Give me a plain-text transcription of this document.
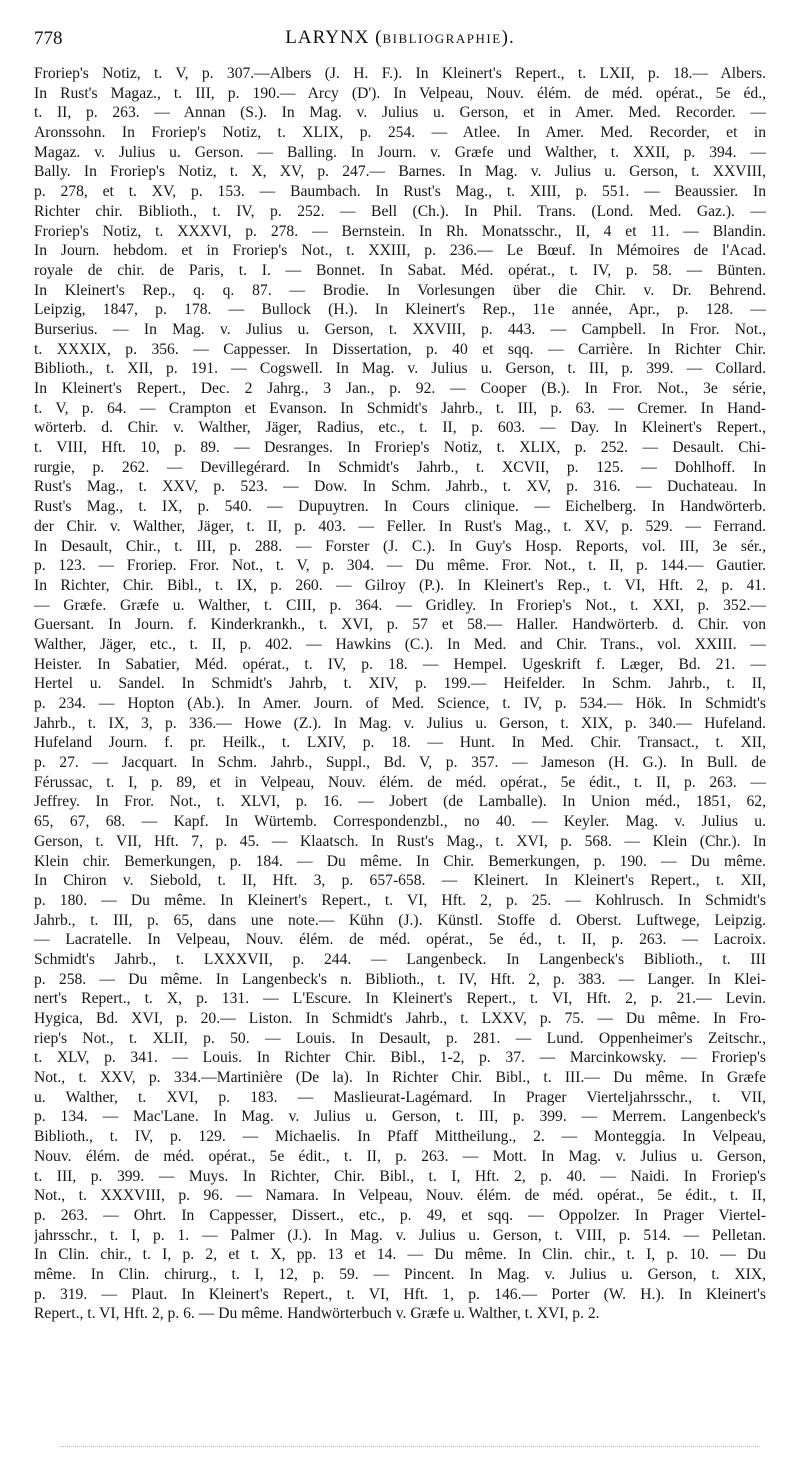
778	LARYNX (BIBLIOGRAPHIE).
Froriep's Notiz, t. V, p. 307.—Albers (J. H. F.). In Kleinert's Repert., t. LXII, p. 18.— Albers.
In Rust's Magaz., t. III, p. 190.— Arcy (D'). In Velpeau, Nouv. élém. de méd. opérat., 5e éd.,
t. II, p. 263. — Annan (S.). In Mag. v. Julius u. Gerson, et in Amer. Med. Recorder. —
Aronssohn. In Froriep's Notiz, t. XLIX, p. 254. — Atlee. In Amer. Med. Recorder, et in
Magaz. v. Julius u. Gerson. — Balling. In Journ. v. Græfe und Walther, t. XXII, p. 394. —
Bally. In Froriep's Notiz, t. X, XV, p. 247.— Barnes. In Mag. v. Julius u. Gerson, t. XXVIII,
p. 278, et t. XV, p. 153. — Baumbach. In Rust's Mag., t. XIII, p. 551. — Beaussier. In
Richter chir. Biblioth., t. IV, p. 252. — Bell (Ch.). In Phil. Trans. (Lond. Med. Gaz.). —
Froriep's Notiz, t. XXXVI, p. 278. — Bernstein. In Rh. Monatsschr., II, 4 et 11. — Blandin.
In Journ. hebdom. et in Froriep's Not., t. XXIII, p. 236.— Le Bœuf. In Mémoires de l'Acad.
royale de chir. de Paris, t. I. — Bonnet. In Sabat. Méd. opérat., t. IV, p. 58. — Bünten.
In Kleinert's Rep., q. q. 87. — Brodie. In Vorlesungen über die Chir. v. Dr. Behrend.
Leipzig, 1847, p. 178. — Bullock (H.). In Kleinert's Rep., 11e année, Apr., p. 128. —
Burserius. — In Mag. v. Julius u. Gerson, t. XXVIII, p. 443. — Campbell. In Fror. Not.,
t. XXXIX, p. 356. — Cappesser. In Dissertation, p. 40 et sqq. — Carrière. In Richter Chir.
Biblioth., t. XII, p. 191. — Cogswell. In Mag. v. Julius u. Gerson, t. III, p. 399. — Collard.
In Kleinert's Repert., Dec. 2 Jahrg., 3 Jan., p. 92. — Cooper (B.). In Fror. Not., 3e série,
t. V, p. 64. — Crampton et Evanson. In Schmidt's Jahrb., t. III, p. 63. — Cremer. In Hand-
wörterb. d. Chir. v. Walther, Jäger, Radius, etc., t. II, p. 603. — Day. In Kleinert's Repert.,
t. VIII, Hft. 10, p. 89. — Desranges. In Froriep's Notiz, t. XLIX, p. 252. — Desault. Chi-
rurgie, p. 262. — Devillegérard. In Schmidt's Jahrb., t. XCVII, p. 125. — Dohlhoff. In
Rust's Mag., t. XXV, p. 523. — Dow. In Schm. Jahrb., t. XV, p. 316. — Duchateau. In
Rust's Mag., t. IX, p. 540. — Dupuytren. In Cours clinique. — Eichelberg. In Handwörterb.
der Chir. v. Walther, Jäger, t. II, p. 403. — Feller. In Rust's Mag., t. XV, p. 529. — Ferrand.
In Desault, Chir., t. III, p. 288. — Forster (J. C.). In Guy's Hosp. Reports, vol. III, 3e sér.,
p. 123. — Froriep. Fror. Not., t. V, p. 304. — Du même. Fror. Not., t. II, p. 144.— Gautier.
In Richter, Chir. Bibl., t. IX, p. 260. — Gilroy (P.). In Kleinert's Rep., t. VI, Hft. 2, p. 41.
— Græfe. Græfe u. Walther, t. CIII, p. 364. — Gridley. In Froriep's Not., t. XXI, p. 352.—
Guersant. In Journ. f. Kinderkrankh., t. XVI, p. 57 et 58.— Haller. Handwörterb. d. Chir. von
Walther, Jäger, etc., t. II, p. 402. — Hawkins (C.). In Med. and Chir. Trans., vol. XXIII. —
Heister. In Sabatier, Méd. opérat., t. IV, p. 18. — Hempel. Ugeskrift f. Læger, Bd. 21. —
Hertel u. Sandel. In Schmidt's Jahrb, t. XIV, p. 199.— Heifelder. In Schm. Jahrb., t. II,
p. 234. — Hopton (Ab.). In Amer. Journ. of Med. Science, t. IV, p. 534.— Hök. In Schmidt's
Jahrb., t. IX, 3, p. 336.— Howe (Z.). In Mag. v. Julius u. Gerson, t. XIX, p. 340.— Hufeland.
Hufeland Journ. f. pr. Heilk., t. LXIV, p. 18. — Hunt. In Med. Chir. Transact., t. XII,
p. 27. — Jacquart. In Schm. Jahrb., Suppl., Bd. V, p. 357. — Jameson (H. G.). In Bull. de
Férussac, t. I, p. 89, et in Velpeau, Nouv. élém. de méd. opérat., 5e édit., t. II, p. 263. —
Jeffrey. In Fror. Not., t. XLVI, p. 16. — Jobert (de Lamballe). In Union méd., 1851, 62,
65, 67, 68. — Kapf. In Würtemb. Correspondenzbl., no 40. — Keyler. Mag. v. Julius u.
Gerson, t. VII, Hft. 7, p. 45. — Klaatsch. In Rust's Mag., t. XVI, p. 568. — Klein (Chr.). In
Klein chir. Bemerkungen, p. 184. — Du même. In Chir. Bemerkungen, p. 190. — Du même.
In Chiron v. Siebold, t. II, Hft. 3, p. 657-658. — Kleinert. In Kleinert's Repert., t. XII,
p. 180. — Du même. In Kleinert's Repert., t. VI, Hft. 2, p. 25. — Kohlrusch. In Schmidt's
Jahrb., t. III, p. 65, dans une note.— Kühn (J.). Künstl. Stoffe d. Oberst. Luftwege, Leipzig.
— Lacratelle. In Velpeau, Nouv. élém. de méd. opérat., 5e éd., t. II, p. 263. — Lacroix.
Schmidt's Jahrb., t. LXXXVII, p. 244. — Langenbeck. In Langenbeck's Biblioth., t. III
p. 258. — Du même. In Langenbeck's n. Biblioth., t. IV, Hft. 2, p. 383. — Langer. In Klei-
nert's Repert., t. X, p. 131. — L'Escure. In Kleinert's Repert., t. VI, Hft. 2, p. 21.— Levin.
Hygica, Bd. XVI, p. 20.— Liston. In Schmidt's Jahrb., t. LXXV, p. 75. — Du même. In Fro-
riep's Not., t. XLII, p. 50. — Louis. In Desault, p. 281. — Lund. Oppenheimer's Zeitschr.,
t. XLV, p. 341. — Louis. In Richter Chir. Bibl., 1-2, p. 37. — Marcinkowsky. — Froriep's
Not., t. XXV, p. 334.—Martinière (De la). In Richter Chir. Bibl., t. III.— Du même. In Græfe
u. Walther, t. XVI, p. 183. — Maslieurat-Lagémard. In Prager Vierteljahrsschr., t. VII,
p. 134. — Mac'Lane. In Mag. v. Julius u. Gerson, t. III, p. 399. — Merrem. Langenbeck's
Biblioth., t. IV, p. 129. — Michaelis. In Pfaff Mittheilung., 2. — Monteggia. In Velpeau,
Nouv. élém. de méd. opérat., 5e édit., t. II, p. 263. — Mott. In Mag. v. Julius u. Gerson,
t. III, p. 399. — Muys. In Richter, Chir. Bibl., t. I, Hft. 2, p. 40. — Naidi. In Froriep's
Not., t. XXXVIII, p. 96. — Namara. In Velpeau, Nouv. élém. de méd. opérat., 5e édit., t. II,
p. 263. — Ohrt. In Cappesser, Dissert., etc., p. 49, et sqq. — Oppolzer. In Prager Viertel-
jahrsschr., t. I, p. 1. — Palmer (J.). In Mag. v. Julius u. Gerson, t. VIII, p. 514. — Pelletan.
In Clin. chir., t. I, p. 2, et t. X, pp. 13 et 14. — Du même. In Clin. chir., t. I, p. 10. — Du
même. In Clin. chirurg., t. I, 12, p. 59. — Pincent. In Mag. v. Julius u. Gerson, t. XIX,
p. 319. — Plaut. In Kleinert's Repert., t. VI, Hft. 1, p. 146.— Porter (W. H.). In Kleinert's
Repert., t. VI, Hft. 2, p. 6. — Du même. Handwörterbuch v. Græfe u. Walther, t. XVI, p. 2.
